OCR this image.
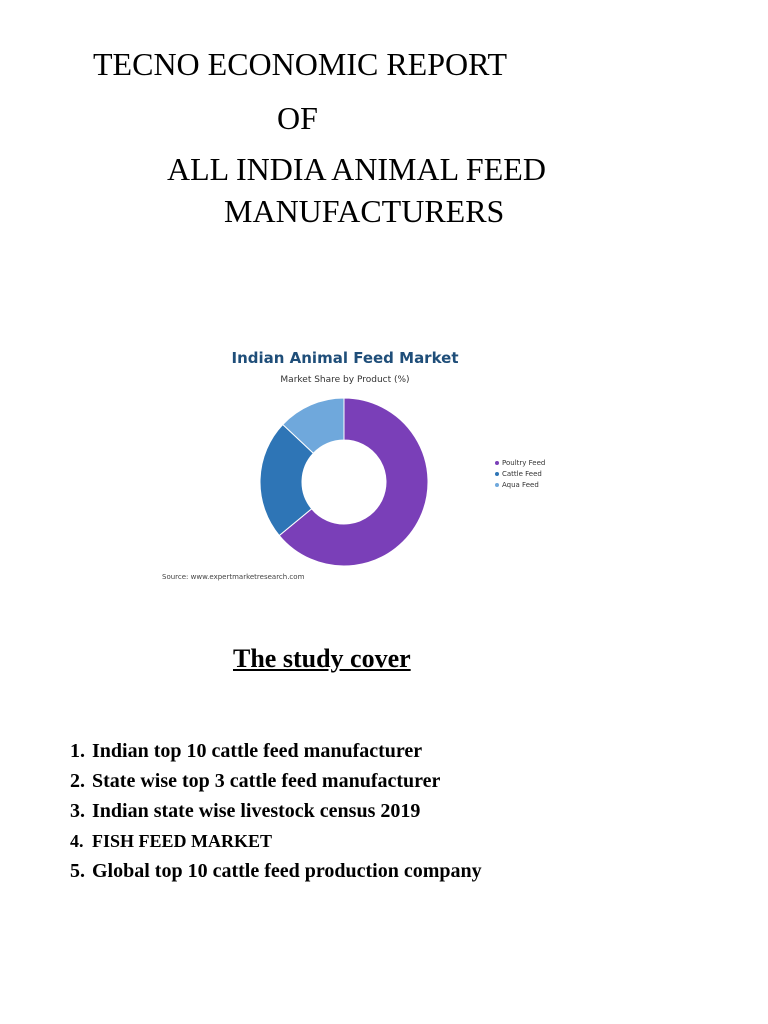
TECNO ECONOMIC REPORT
OF
ALL INDIA ANIMAL FEED
MANUFACTURERS
Indian Animal Feed Market
Market Share by Product (%)
Poultry Feed
Cattle Feed
Aqua Feed
Source: www.expertmarketresearch.com
The study cover
1. Indian top 10 cattle feed manufacturer
2. State wise top 3 cattle feed manufacturer
3. Indian state wise livestock census 2019
4. FISH FEED MARKET
5. Global top 10 cattle feed production company
